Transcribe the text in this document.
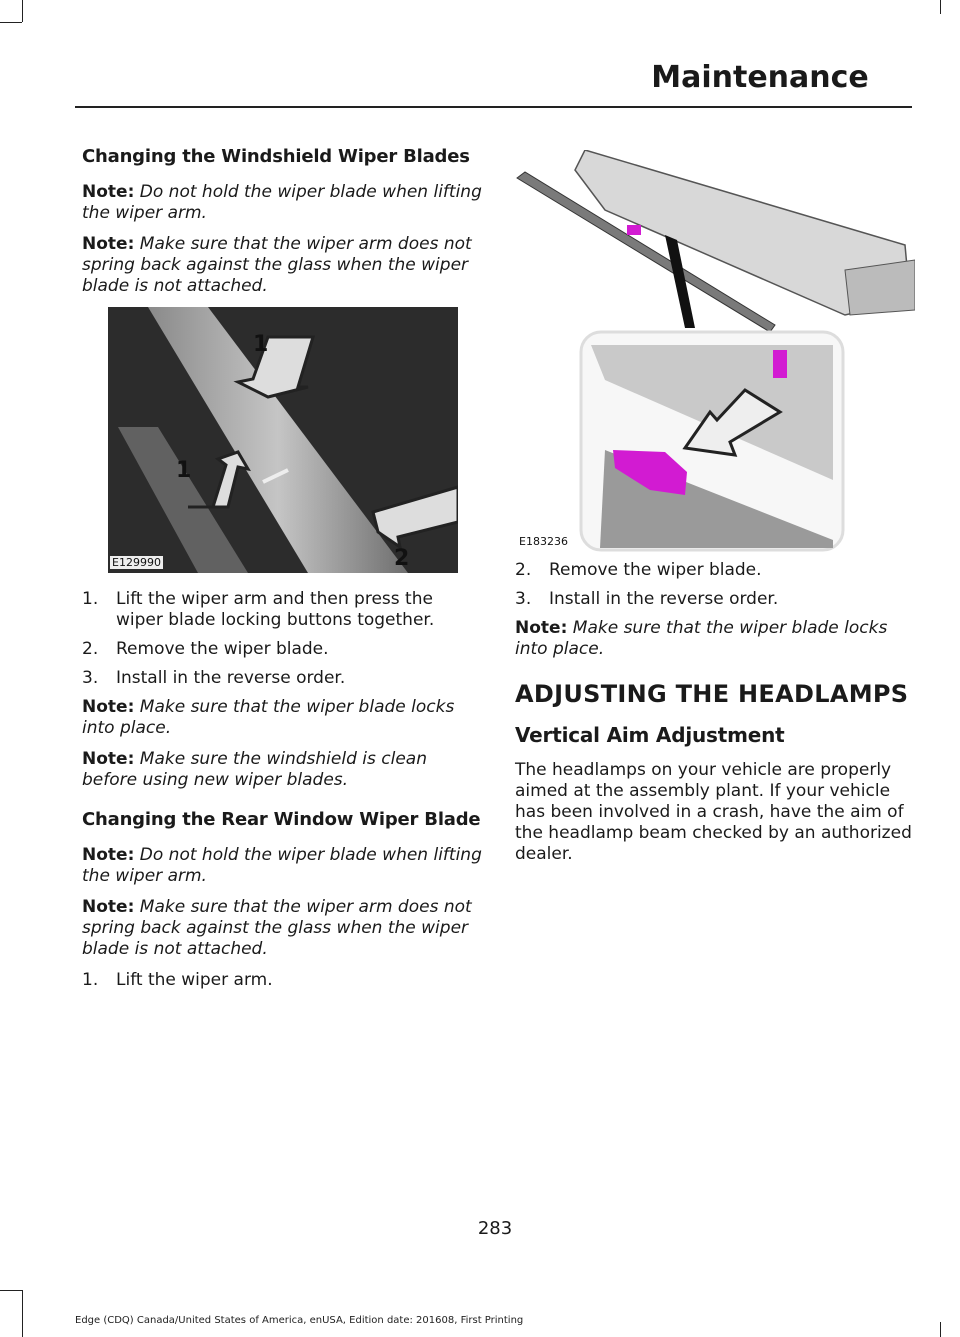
Maintenance
Changing the Windshield Wiper Blades

Note: Do not hold the wiper blade when lifting the wiper arm.

Note: Make sure that the wiper arm does not spring back against the glass when the wiper blade is not attached.

1
1
2
E129990
1. Lift the wiper arm and then press the wiper blade locking buttons together.
2. Remove the wiper blade.
3. Install in the reverse order.

Note: Make sure that the wiper blade locks into place.

Note: Make sure the windshield is clean before using new wiper blades.

Changing the Rear Window Wiper Blade

Note: Do not hold the wiper blade when lifting the wiper arm.

Note: Make sure that the wiper arm does not spring back against the glass when the wiper blade is not attached.

1. Lift the wiper arm.
E183236
2. Remove the wiper blade.
3. Install in the reverse order.

Note: Make sure that the wiper blade locks into place.

ADJUSTING THE HEADLAMPS
Vertical Aim Adjustment

The headlamps on your vehicle are properly aimed at the assembly plant. If your vehicle has been involved in a crash, have the aim of the headlamp beam checked by an authorized dealer.

283
Edge (CDQ) Canada/United States of America, enUSA, Edition date: 201608, First Printing
